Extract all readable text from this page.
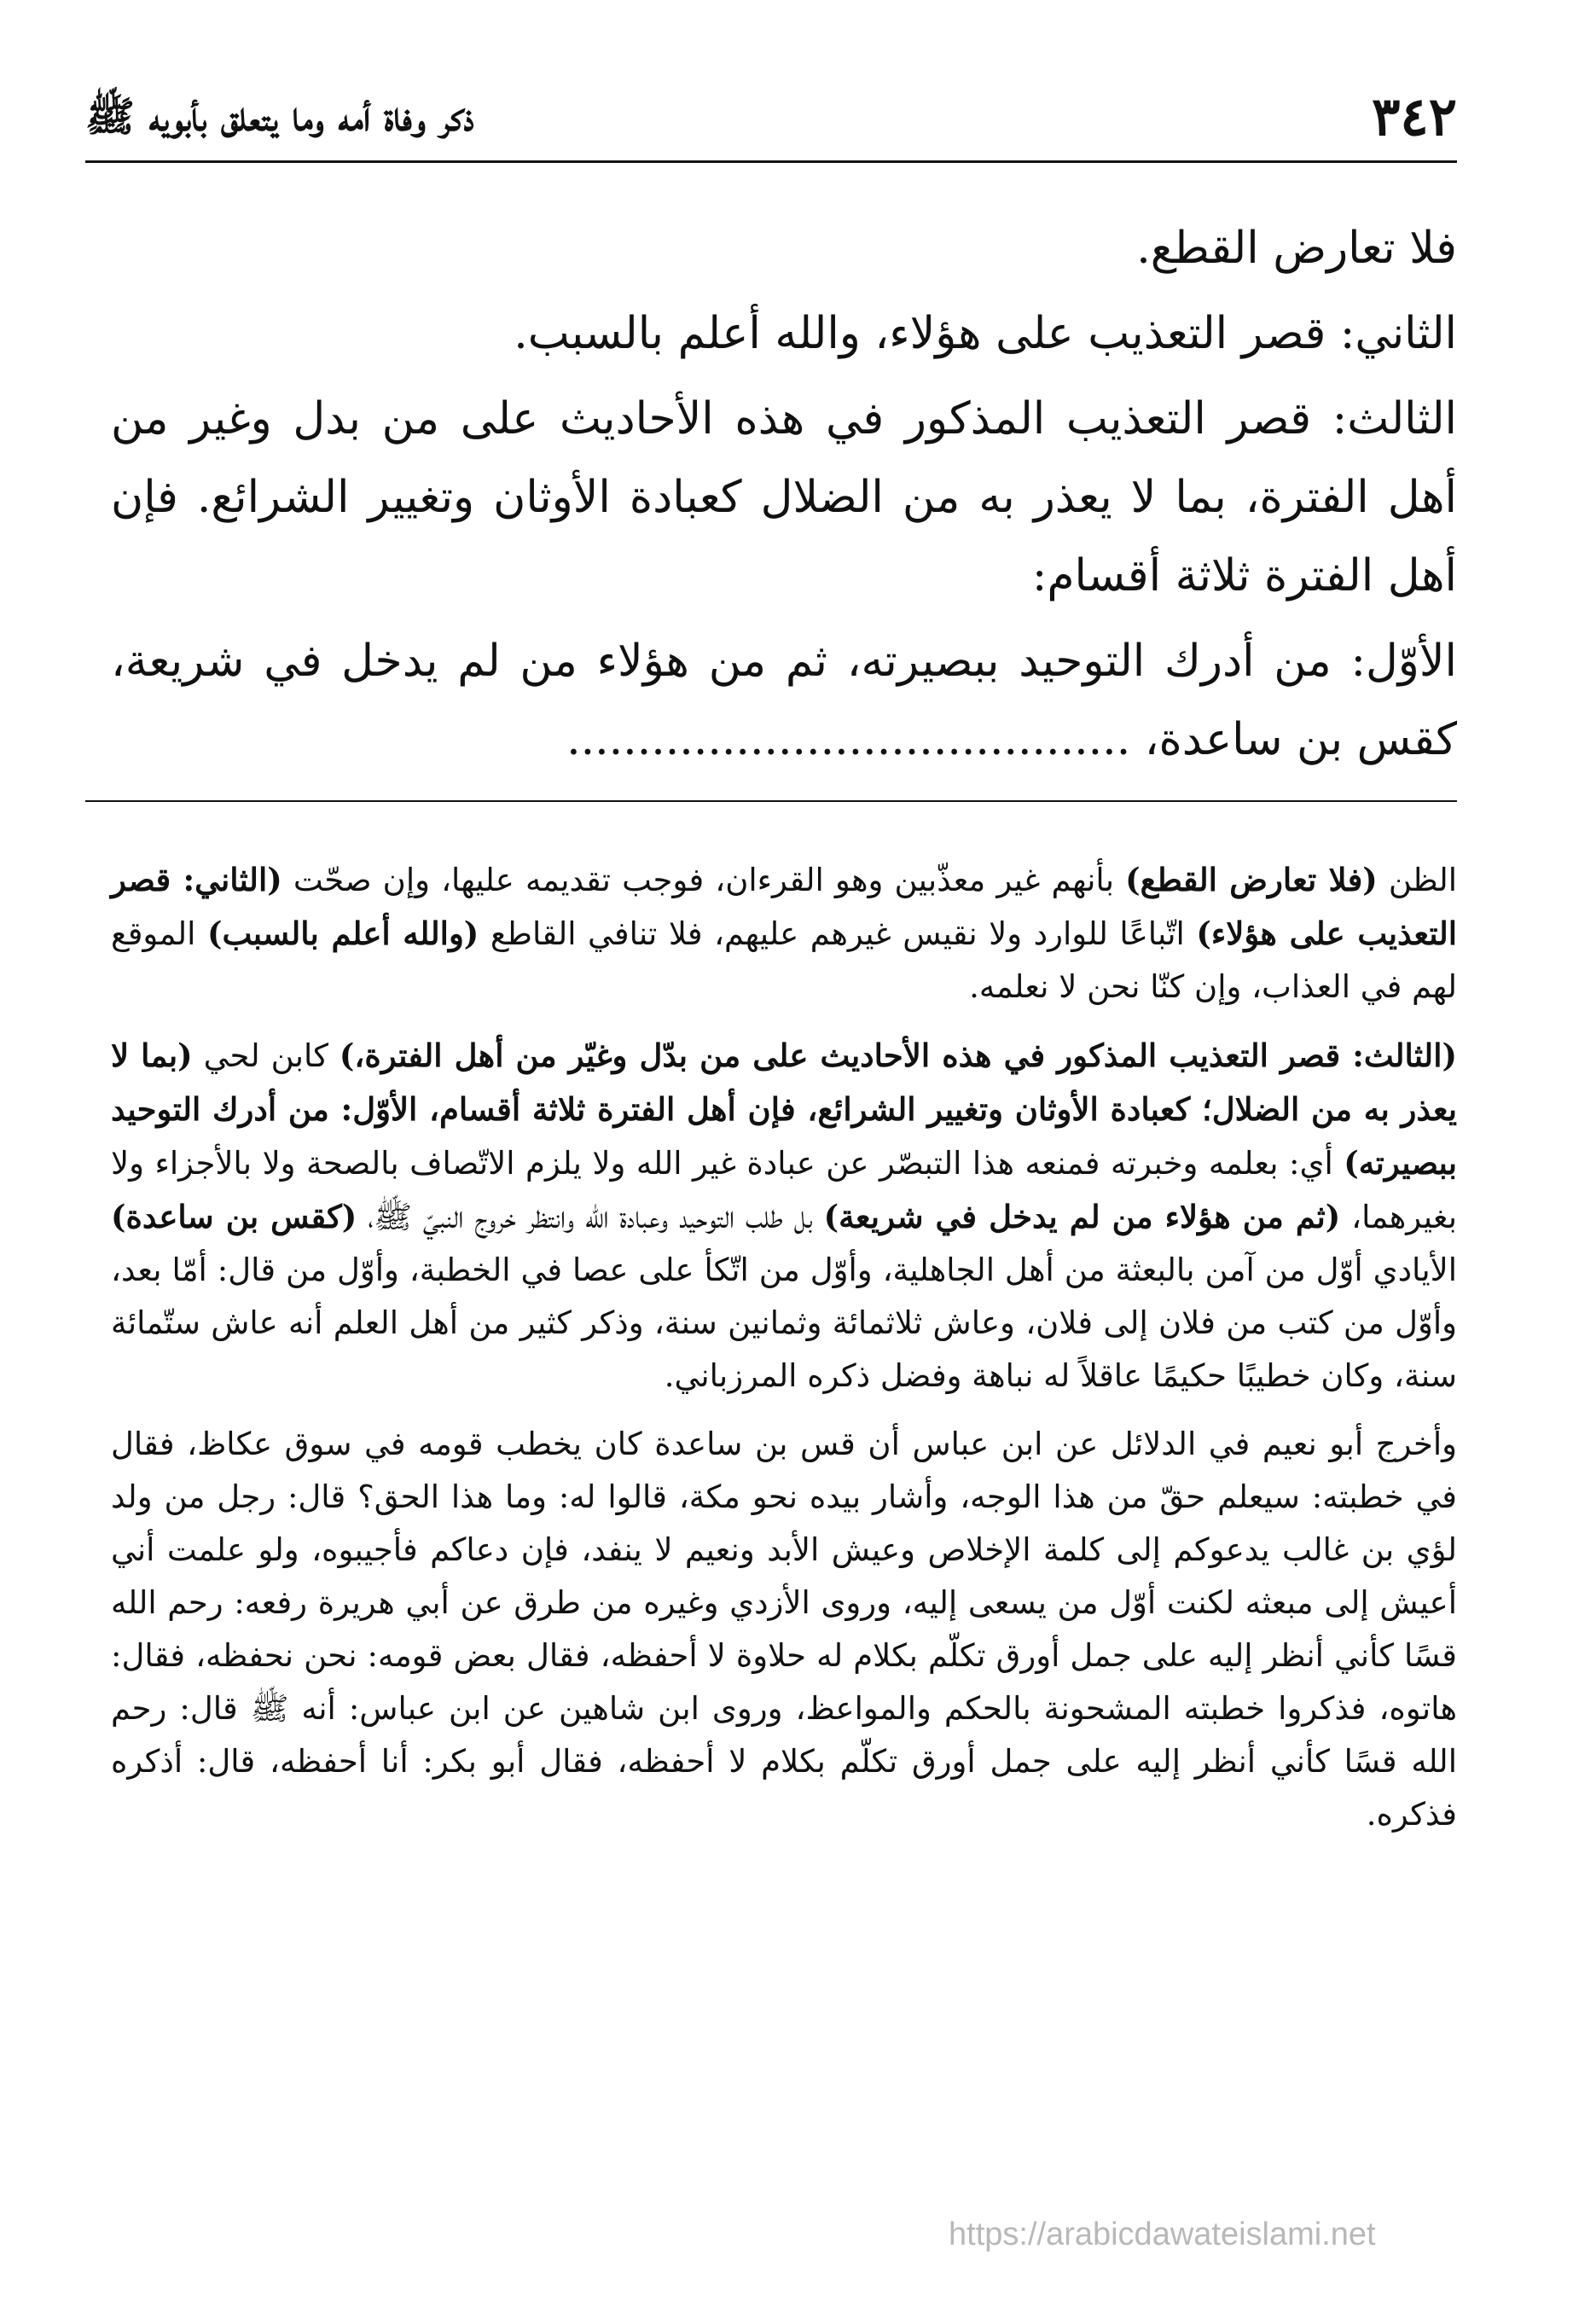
٣٤٢
ذكر وفاة أمه وما يتعلق بأبويه ﷺ

فلا تعارض القطع.

الثاني: قصر التعذيب على هؤلاء، والله أعلم بالسبب.

الثالث: قصر التعذيب المذكور في هذه الأحاديث على من بدل وغير من أهل الفترة، بما لا يعذر به من الضلال كعبادة الأوثان وتغيير الشرائع. فإن أهل الفترة ثلاثة أقسام:

الأوّل: من أدرك التوحيد ببصيرته، ثم من هؤلاء من لم يدخل في شريعة، كقس بن ساعدة، ........................................

الظن (فلا تعارض القطع) بأنهم غير معذّبين وهو القرءان، فوجب تقديمه عليها، وإن صحّت (الثاني: قصر التعذيب على هؤلاء) اتّباعًا للوارد ولا نقيس غيرهم عليهم، فلا تنافي القاطع (والله أعلم بالسبب) الموقع لهم في العذاب، وإن كنّا نحن لا نعلمه.

(الثالث: قصر التعذيب المذكور في هذه الأحاديث على من بدّل وغيّر من أهل الفترة،) كابن لحي (بما لا يعذر به من الضلال؛ كعبادة الأوثان وتغيير الشرائع، فإن أهل الفترة ثلاثة أقسام، الأوّل: من أدرك التوحيد ببصيرته) أي: بعلمه وخبرته فمنعه هذا التبصّر عن عبادة غير الله ولا يلزم الاتّصاف بالصحة ولا بالأجزاء ولا بغيرهما، (ثم من هؤلاء من لم يدخل في شريعة) بل طلب التوحيد وعبادة الله وانتظر خروج النبيّ ﷺ، (كقس بن ساعدة) الأيادي أوّل من آمن بالبعثة من أهل الجاهلية، وأوّل من اتّكأ على عصا في الخطبة، وأوّل من قال: أمّا بعد، وأوّل من كتب من فلان إلى فلان، وعاش ثلاثمائة وثمانين سنة، وذكر كثير من أهل العلم أنه عاش ستّمائة سنة، وكان خطيبًا حكيمًا عاقلاً له نباهة وفضل ذكره المرزباني.

وأخرج أبو نعيم في الدلائل عن ابن عباس أن قس بن ساعدة كان يخطب قومه في سوق عكاظ، فقال في خطبته: سيعلم حقّ من هذا الوجه، وأشار بيده نحو مكة، قالوا له: وما هذا الحق؟ قال: رجل من ولد لؤي بن غالب يدعوكم إلى كلمة الإخلاص وعيش الأبد ونعيم لا ينفد، فإن دعاكم فأجيبوه، ولو علمت أني أعيش إلى مبعثه لكنت أوّل من يسعى إليه، وروى الأزدي وغيره من طرق عن أبي هريرة رفعه: رحم الله قسًا كأني أنظر إليه على جمل أورق تكلّم بكلام له حلاوة لا أحفظه، فقال بعض قومه: نحن نحفظه، فقال: هاتوه، فذكروا خطبته المشحونة بالحكم والمواعظ، وروى ابن شاهين عن ابن عباس: أنه ﷺ قال: رحم الله قسًا كأني أنظر إليه على جمل أورق تكلّم بكلام لا أحفظه، فقال أبو بكر: أنا أحفظه، قال: أذكره فذكره.

https://arabicdawateislami.net
